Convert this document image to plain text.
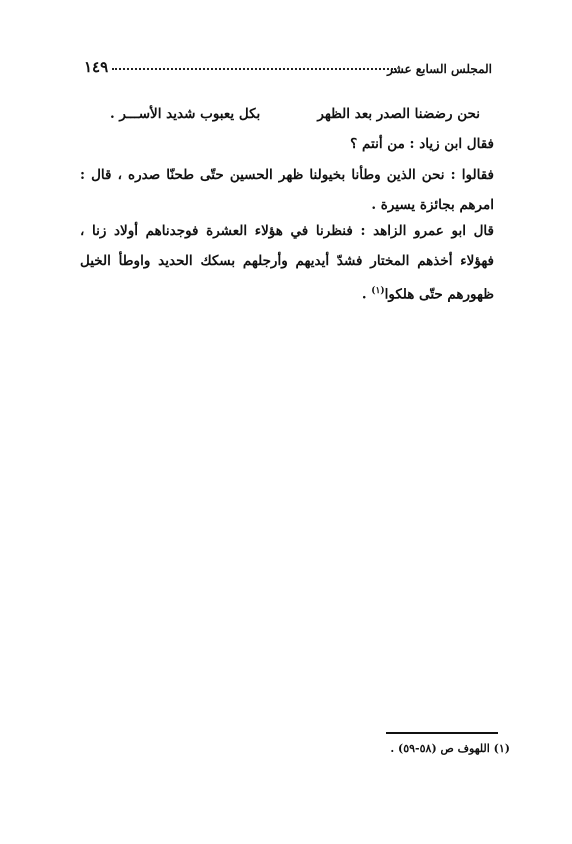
١٤٩	المجلس السابع عشر
نحن رضضنا الصدر بعد الظهر
بكل يعبوب شديد الأســـر .
فقال ابن زياد : من أنتم ؟
فقالوا : نحن الذين وطأنا بخيولنا ظهر الحسين حتّى طحنّا صدره ، قال : امرهم بجائزة يسيرة .
قال ابو عمرو الزاهد : فنظرنا في هؤلاء العشرة فوجدناهم أولاد زنا ، فهؤلاء أخذهم المختار فشدّ أيديهم وأرجلهم بسكك الحديد واوطأ الخيل ظهورهم حتّى هلكوا$^{(١)}$ .
(١) اللهوف ص (٥٨-٥٩) .
